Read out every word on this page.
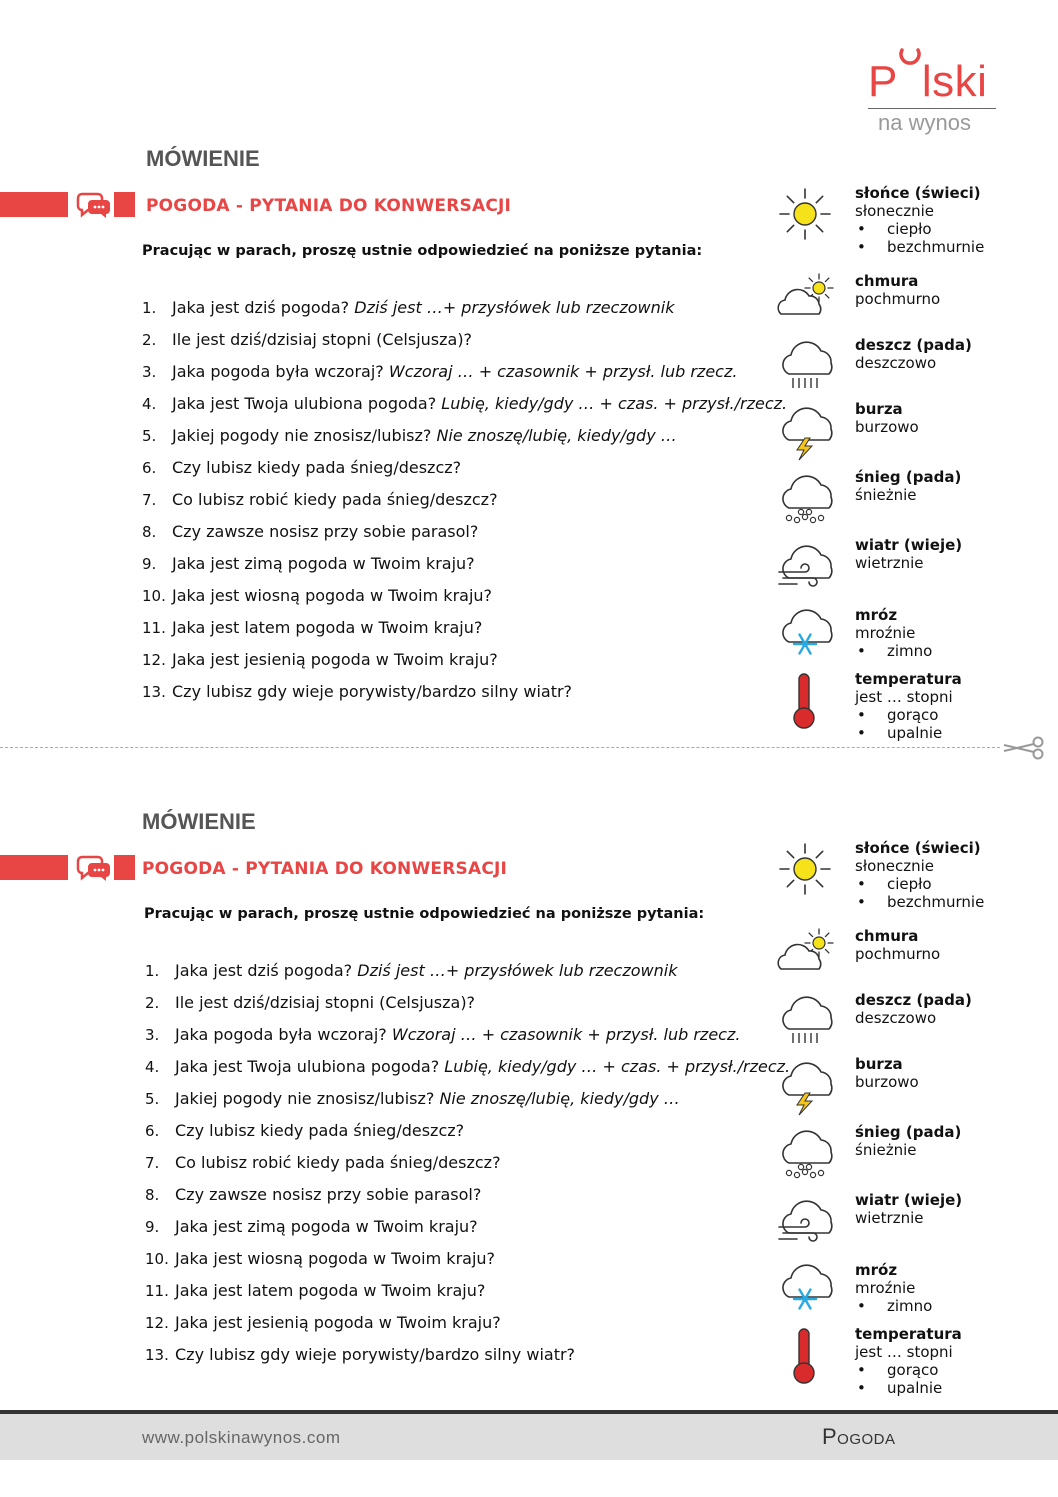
P lski
na wynos
MÓWIENIE
POGODA - PYTANIA DO KONWERSACJI
Pracując w parach, proszę ustnie odpowiedzieć na poniższe pytania:
1. Jaka jest dziś pogoda? Dziś jest …+ przysłówek lub rzeczownik
2. Ile jest dziś/dzisiaj stopni (Celsjusza)?
3. Jaka pogoda była wczoraj? Wczoraj … + czasownik + przysł. lub rzecz.
4. Jaka jest Twoja ulubiona pogoda? Lubię, kiedy/gdy … + czas. + przysł./rzecz.
5. Jakiej pogody nie znosisz/lubisz? Nie znoszę/lubię, kiedy/gdy …
6. Czy lubisz kiedy pada śnieg/deszcz?
7. Co lubisz robić kiedy pada śnieg/deszcz?
8. Czy zawsze nosisz przy sobie parasol?
9. Jaka jest zimą pogoda w Twoim kraju?
10. Jaka jest wiosną pogoda w Twoim kraju?
11. Jaka jest latem pogoda w Twoim kraju?
12. Jaka jest jesienią pogoda w Twoim kraju?
13. Czy lubisz gdy wieje porywisty/bardzo silny wiatr?
słońce (świeci)
słonecznie
• ciepło
• bezchmurnie
chmura
pochmurno
deszcz (pada)
deszczowo
burza
burzowo
śnieg (pada)
śnieżnie
wiatr (wieje)
wietrznie
mróz
mroźnie
• zimno
temperatura
jest … stopni
• gorąco
• upalnie
MÓWIENIE
POGODA - PYTANIA DO KONWERSACJI
Pracując w parach, proszę ustnie odpowiedzieć na poniższe pytania:
1. Jaka jest dziś pogoda? Dziś jest …+ przysłówek lub rzeczownik
2. Ile jest dziś/dzisiaj stopni (Celsjusza)?
3. Jaka pogoda była wczoraj? Wczoraj … + czasownik + przysł. lub rzecz.
4. Jaka jest Twoja ulubiona pogoda? Lubię, kiedy/gdy … + czas. + przysł./rzecz.
5. Jakiej pogody nie znosisz/lubisz? Nie znoszę/lubię, kiedy/gdy …
6. Czy lubisz kiedy pada śnieg/deszcz?
7. Co lubisz robić kiedy pada śnieg/deszcz?
8. Czy zawsze nosisz przy sobie parasol?
9. Jaka jest zimą pogoda w Twoim kraju?
10. Jaka jest wiosną pogoda w Twoim kraju?
11. Jaka jest latem pogoda w Twoim kraju?
12. Jaka jest jesienią pogoda w Twoim kraju?
13. Czy lubisz gdy wieje porywisty/bardzo silny wiatr?
słońce (świeci)
słonecznie
• ciepło
• bezchmurnie
chmura
pochmurno
deszcz (pada)
deszczowo
burza
burzowo
śnieg (pada)
śnieżnie
wiatr (wieje)
wietrznie
mróz
mroźnie
• zimno
temperatura
jest … stopni
• gorąco
• upalnie
www.polskinawynos.com	Pogoda
